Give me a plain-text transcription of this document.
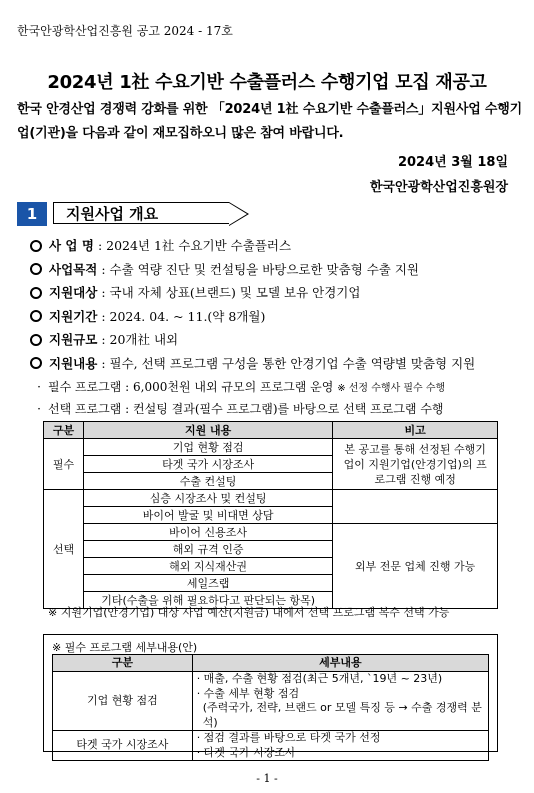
한국안광학산업진흥원 공고 2024 - 17호
2024년 1社 수요기반 수출플러스 수행기업 모집 재공고
한국 안경산업 경쟁력 강화를 위한 「2024년 1社 수요기반 수출플러스」지원사업 수행기업(기관)을 다음과 같이 재모집하오니 많은 참여 바랍니다.
2024년 3월 18일
한국안광학산업진흥원장
1	지원사업 개요
사 업 명 : 2024년 1社 수요기반 수출플러스
사업목적 : 수출 역량 진단 및 컨설팅을 바탕으로한 맞춤형 수출 지원
지원대상 : 국내 자체 상표(브랜드) 및 모델 보유 안경기업
지원기간 : 2024. 04. ~ 11.(약 8개월)
지원규모 : 20개社 내외
지원내용 : 필수, 선택 프로그램 구성을 통한 안경기업 수출 역량별 맞춤형 지원
· 필수 프로그램 : 6,000천원 내외 규모의 프로그램 운영 ※ 선정 수행사 필수 수행
· 선택 프로그램 : 컨설팅 결과(필수 프로그램)를 바탕으로 선택 프로그램 수행
구분	지원 내용	비고
필수	기업 현황 점검	본 공고를 통해 선정된 수행기업이 지원기업(안경기업)의 프로그램 진행 예정
	타겟 국가 시장조사	
	수출 컨설팅	
선택	심층 시장조사 및 컨설팅	
	바이어 발굴 및 비대면 상담	
	바이어 신용조사	외부 전문 업체 진행 가능
	해외 규격 인증	
	해외 지식재산권	
	세일즈랩	
	기타(수출을 위해 필요하다고 판단되는 항목)	
※ 지원기업(안경기업) 대상 사업 예산(지원금) 내에서 선택 프로그램 복수 선택 가능
※ 필수 프로그램 세부내용(안)
구분	세부내용
기업 현황 점검	· 매출, 수출 현황 점검(최근 5개년, `19년 ~ 23년)
· 수출 세부 현황 점검
(주력국가, 전략, 브랜드 or 모델 특징 등 → 수출 경쟁력 분석)

타겟 국가 시장조사	· 점검 결과를 바탕으로 타겟 국가 선정
· 타겟 국가 시장조사
- 1 -
